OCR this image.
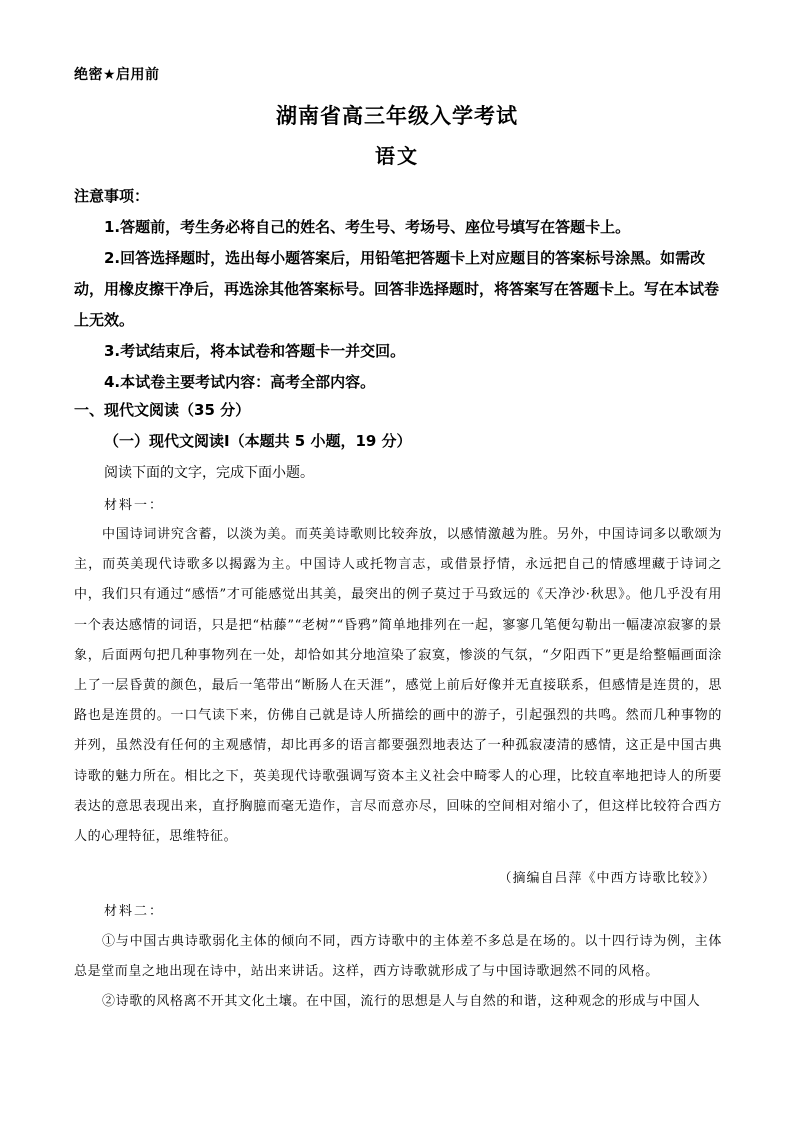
绝密★启用前
湖南省高三年级入学考试
语文

注意事项：

1.答题前，考生务必将自己的姓名、考生号、考场号、座位号填写在答题卡上。

2.回答选择题时，选出每小题答案后，用铅笔把答题卡上对应题目的答案标号涂黑。如需改动，用橡皮擦干净后，再选涂其他答案标号。回答非选择题时，将答案写在答题卡上。写在本试卷上无效。

3.考试结束后，将本试卷和答题卡一并交回。

4.本试卷主要考试内容：高考全部内容。

一、现代文阅读（35 分）
（一）现代文阅读Ⅰ（本题共 5 小题，19 分）
阅读下面的文字，完成下面小题。
材料一：

中国诗词讲究含蓄，以淡为美。而英美诗歌则比较奔放，以感情激越为胜。另外，中国诗词多以歌颂为主，而英美现代诗歌多以揭露为主。中国诗人或托物言志，或借景抒情，永远把自己的情感埋藏于诗词之中，我们只有通过“感悟”才可能感觉出其美，最突出的例子莫过于马致远的《天净沙·秋思》。他几乎没有用一个表达感情的词语，只是把“枯藤”“老树”“昏鸦”简单地排列在一起，寥寥几笔便勾勒出一幅凄凉寂寥的景象，后面两句把几种事物列在一处，却恰如其分地渲染了寂寞，惨淡的气氛，“夕阳西下”更是给整幅画面涂上了一层昏黄的颜色，最后一笔带出“断肠人在天涯”，感觉上前后好像并无直接联系，但感情是连贯的，思路也是连贯的。一口气读下来，仿佛自己就是诗人所描绘的画中的游子，引起强烈的共鸣。然而几种事物的并列，虽然没有任何的主观感情，却比再多的语言都要强烈地表达了一种孤寂凄清的感情，这正是中国古典诗歌的魅力所在。相比之下，英美现代诗歌强调写资本主义社会中畸零人的心理，比较直率地把诗人的所要表达的意思表现出来，直抒胸臆而毫无造作，言尽而意亦尽，回味的空间相对缩小了，但这样比较符合西方人的心理特征，思维特征。

（摘编自吕萍《中西方诗歌比较》）
材料二：

①与中国古典诗歌弱化主体的倾向不同，西方诗歌中的主体差不多总是在场的。以十四行诗为例，主体总是堂而皇之地出现在诗中，站出来讲话。这样，西方诗歌就形成了与中国诗歌迥然不同的风格。

②诗歌的风格离不开其文化土壤。在中国，流行的思想是人与自然的和谐，这种观念的形成与中国人
